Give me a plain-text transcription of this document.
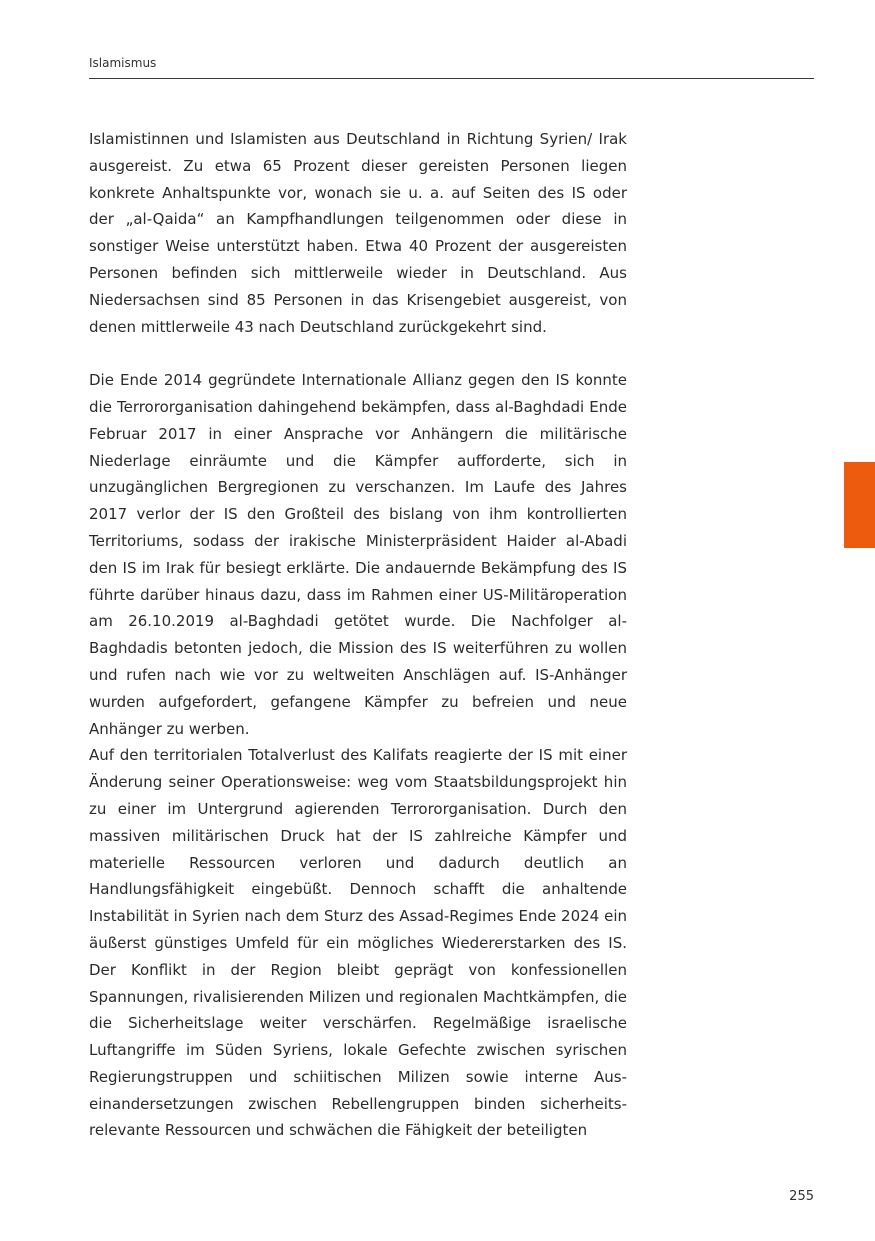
Islamismus

Islamistinnen und Islamisten aus Deutschland in Richtung Syrien/ Irak ausgereist. Zu etwa 65 Prozent dieser gereisten Personen liegen konkrete Anhaltspunkte vor, wonach sie u. a. auf Seiten des IS oder der „al-Qaida“ an Kampfhandlungen teilgenommen oder diese in sonstiger Weise unterstützt haben. Etwa 40 Prozent der ausgereisten Personen befinden sich mittlerweile wieder in Deutschland. Aus Niedersachsen sind 85 Personen in das Krisengebiet ausgereist, von denen mittlerweile 43 nach Deutschland zurückgekehrt sind.

Die Ende 2014 gegründete Internationale Allianz gegen den IS konnte die Terrororganisation dahingehend bekämpfen, dass al-Baghdadi Ende Februar 2017 in einer Ansprache vor Anhängern die militärische Niederlage einräumte und die Kämpfer aufforderte, sich in unzugänglichen Bergregionen zu verschanzen. Im Laufe des Jahres 2017 verlor der IS den Großteil des bislang von ihm kontrollierten Territoriums, sodass der irakische Ministerpräsident Haider al-Abadi den IS im Irak für besiegt erklärte. Die andauernde Bekämpfung des IS führte darüber hinaus dazu, dass im Rahmen einer US-Militäroperation am 26.10.2019 al-Baghdadi getötet wurde. Die Nachfolger al-Baghdadis betonten jedoch, die Mission des IS weiterführen zu wollen und rufen nach wie vor zu weltweiten Anschlägen auf. IS-Anhänger wurden aufgefordert, gefangene Kämpfer zu befreien und neue Anhänger zu werben.

Auf den territorialen Totalverlust des Kalifats reagierte der IS mit einer Änderung seiner Operationsweise: weg vom Staatsbildungsprojekt hin zu einer im Untergrund agierenden Terrororganisation. Durch den massiven militärischen Druck hat der IS zahlreiche Kämpfer und materielle Ressourcen verloren und dadurch deutlich an Handlungsfähigkeit eingebüßt. Dennoch schafft die anhaltende Instabilität in Syrien nach dem Sturz des Assad-Regimes Ende 2024 ein äußerst günstiges Umfeld für ein mögliches Wiedererstarken des IS. Der Konflikt in der Region bleibt geprägt von konfessionellen Spannungen, rivalisierenden Milizen und regionalen Machtkämpfen, die die Sicherheitslage weiter verschärfen. Regelmäßige israelische Luftangriffe im Süden Syriens, lokale Gefechte zwischen syrischen Regierungstruppen und schiitischen Milizen sowie interne Auseinandersetzungen zwischen Rebellengruppen binden sicherheitsrelevante Ressourcen und schwächen die Fähigkeit der beteiligten

255
